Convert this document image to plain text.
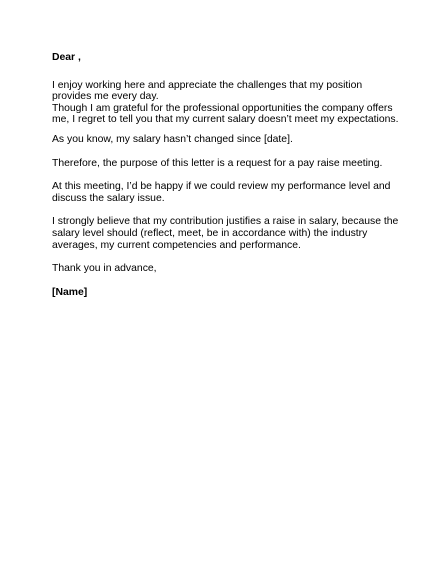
Dear ,
I enjoy working here and appreciate the challenges that my position
provides me every day.
Though I am grateful for the professional opportunities the company offers
me, I regret to tell you that my current salary doesn’t meet my expectations.
As you know, my salary hasn’t changed since [date].
Therefore, the purpose of this letter is a request for a pay raise meeting.
At this meeting, I’d be happy if we could review my performance level and
discuss the salary issue.
I strongly believe that my contribution justifies a raise in salary, because the
salary level should (reflect, meet, be in accordance with) the industry
averages, my current competencies and performance.
Thank you in advance,
[Name]
